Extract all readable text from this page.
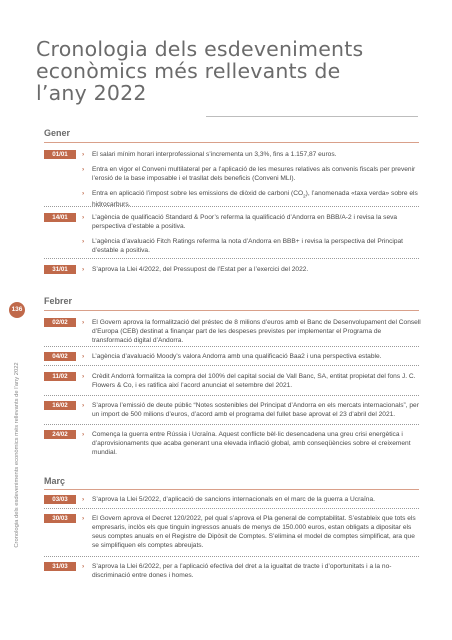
Cronologia dels esdeveniments
econòmics més rellevants de
l’any 2022
136
Cronologia dels esdeveniments econòmics més rellevants de l’any 2022
Gener
01/01	› El salari mínim horari interprofessional s’incrementa un 3,3%, fins a 1.157,87 euros.
› Entra en vigor el Conveni multilateral per a l’aplicació de les mesures relatives als convenis fiscals per prevenir l’erosió de la base imposable i el trasllat dels beneficis (Conveni MLI).
› Entra en aplicació l’impost sobre les emissions de diòxid de carboni $(CO_2)$, l’anomenada «taxa verda» sobre els hidrocarburs.
14/01	› L’agència de qualificació Standard & Poor’s referma la qualificació d’Andorra en BBB/A-2 i revisa la seva perspectiva d’estable a positiva.
› L’agència d’avaluació Fitch Ratings referma la nota d’Andorra en BBB+ i revisa la perspectiva del Principat d’estable a positiva.
31/01	› S’aprova la Llei 4/2022, del Pressupost de l’Estat per a l’exercici del 2022.
Febrer
02/02	› El Govern aprova la formalització del préstec de 8 milions d’euros amb el Banc de Desenvolupament del Consell d’Europa (CEB) destinat a finançar part de les despeses previstes per implementar el Programa de transformació digital d’Andorra.
04/02	› L’agència d’avaluació Moody’s valora Andorra amb una qualificació Baa2 i una perspectiva estable.
11/02	› Crèdit Andorrà formalitza la compra del 100% del capital social de Vall Banc, SA, entitat propietat del fons J. C. Flowers & Co, i es ratifica així l’acord anunciat el setembre del 2021.
16/02	› S’aprova l’emissió de deute públic “Notes sostenibles del Principat d’Andorra en els mercats internacionals”, per un import de 500 milions d’euros, d’acord amb el programa del fullet base aprovat el 23 d’abril del 2021.
24/02	› Comença la guerra entre Rússia i Ucraïna. Aquest conflicte bèl·lic desencadena una greu crisi energètica i d’aprovisionaments que acaba generant una elevada inflació global, amb conseqüències sobre el creixement mundial.
Març
03/03	› S’aprova la Llei 5/2022, d’aplicació de sancions internacionals en el marc de la guerra a Ucraïna.
30/03	› El Govern aprova el Decret 120/2022, pel qual s’aprova el Pla general de comptabilitat. S’estableix que tots els empresaris, inclòs els que tinguin ingressos anuals de menys de 150.000 euros, estan obligats a dipositar els seus comptes anuals en el Registre de Dipòsit de Comptes. S’elimina el model de comptes simplificat, ara que se simplifiquen els comptes abreujats.
31/03	› S’aprova la Llei 6/2022, per a l’aplicació efectiva del dret a la igualtat de tracte i d’oportunitats i a la no-discriminació entre dones i homes.
